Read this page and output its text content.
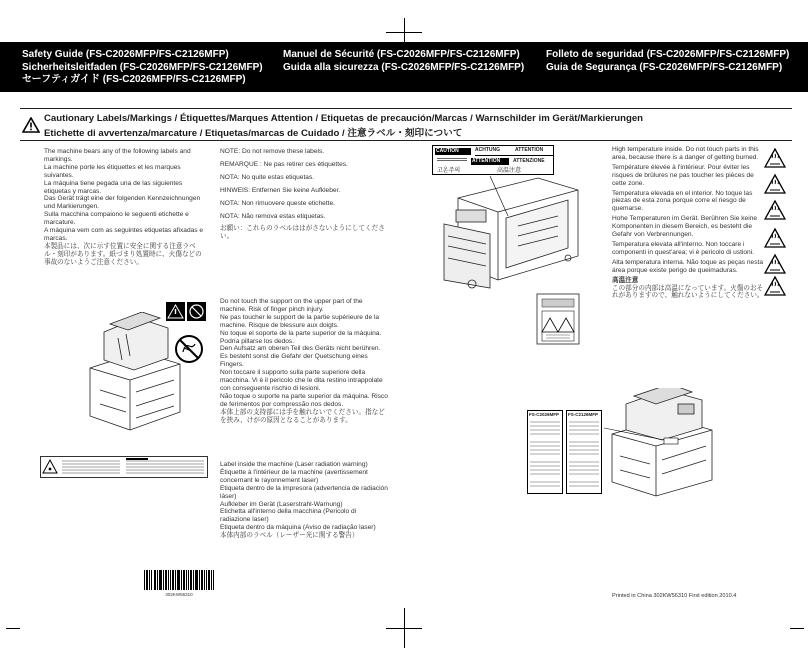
Safety Guide (FS-C2026MFP/FS-C2126MFP)
Sicherheitsleitfaden (FS-C2026MFP/FS-C2126MFP)
セーフティガイド (FS-C2026MFP/FS-C2126MFP)
Manuel de Sécurité (FS-C2026MFP/FS-C2126MFP)
Guida alla sicurezza (FS-C2026MFP/FS-C2126MFP)
Folleto de seguridad (FS-C2026MFP/FS-C2126MFP)
Guia de Segurança (FS-C2026MFP/FS-C2126MFP)
Cautionary Labels/Markings / Étiquettes/Marques Attention / Etiquetas de precaución/Marcas / Warnschilder im Gerät/Markierungen
Etichette di avvertenza/marcature / Etiquetas/marcas de Cuidado / 注意ラベル・刻印について
The machine bears any of the following labels and markings.
La machine porte les étiquettes et les marques suivantes.
La máquina tiene pegada una de las siguientes etiquetas y marcas.
Das Gerät trägt eine der folgenden Kennzeichnungen und Markierungen.
Sulla macchina compaiono le seguenti etichette e marcature.
A máquina vem com as seguintes etiquetas afixadas e marcas.
本製品には、次に示す位置に安全に関する注意ラベル・刻印があります。紙づまり処置時に、火傷などの事故のないようご注意ください。
NOTE: Do not remove these labels.
REMARQUE : Ne pas retirer ces étiquettes.
NOTA: No quite estas etiquetas.
HINWEIS: Entfernen Sie keine Aufkleber.
NOTA: Non rimuovere queste etichette.
NOTA: Não remova estas etiquetas.
お願い：これらのラベルははがさないようにしてください。
Do not touch the support on the upper part of the machine. Risk of finger pinch injury.
Ne pas toucher le support de la partie supérieure de la machine. Risque de blessure aux doigts.
No toque el soporte de la parte superior de la máquina. Podría pillarse los dedos.
Den Aufsatz am oberen Teil des Geräts nicht berühren. Es besteht sonst die Gefahr der Quetschung eines Fingers.
Non toccare il supporto sulla parte superiore della macchina. Vi è il pericolo che le dita restino intrappolate con conseguente rischio di lesioni.
Não toque o suporte na parte superior da máquina. Risco de ferimentos por compressão nos dedos.
本体上部の支持部には手を触れないでください。指などを挟み、けがの原因となることがあります。
Label inside the machine (Laser radiation warning)
Étiquette à l'intérieur de la machine (avertissement concernant le rayonnement laser)
Etiqueta dentro de la impresora (advertencia de radiación láser)
Aufkleber im Gerät (Laserstrahl-Warnung)
Etichetta all'interno della macchina (Pericolo di radiazione laser)
Etiqueta dentro da máquina (Aviso de radiação laser)
本体内部のラベル（レーザー光に関する警告）
High temperature inside. Do not touch parts in this area, because there is a danger of getting burned.
Température élevée à l'intérieur. Pour éviter les risques de brûlures ne pas toucher les pièces de cette zone.
Temperatura elevada en el interior. No toque las piezas de esta zona porque corre el riesgo de quemarse.
Hohe Temperaturen im Gerät. Berühren Sie keine Komponenten in diesem Bereich, es besteht die Gefahr von Verbrennungen.
Temperatura elevata all'interno. Non toccare i componenti in quest'area; vi è pericolo di ustioni.
Alta temperatura interna. Não toque as peças nesta área porque existe perigo de queimaduras.
高温注意
この部分の内部は高温になっています。火傷のおそれがありますので、触れないようにしてください。
CAUTION	ACHTUNG	ATTENTION
ATTENTION	ATTENZIONE
고온주의	高温注意
FS-C2026MFP FS-C2126MFP
302KW56310	Printed in China 302KW56310 First edition 2010.4
